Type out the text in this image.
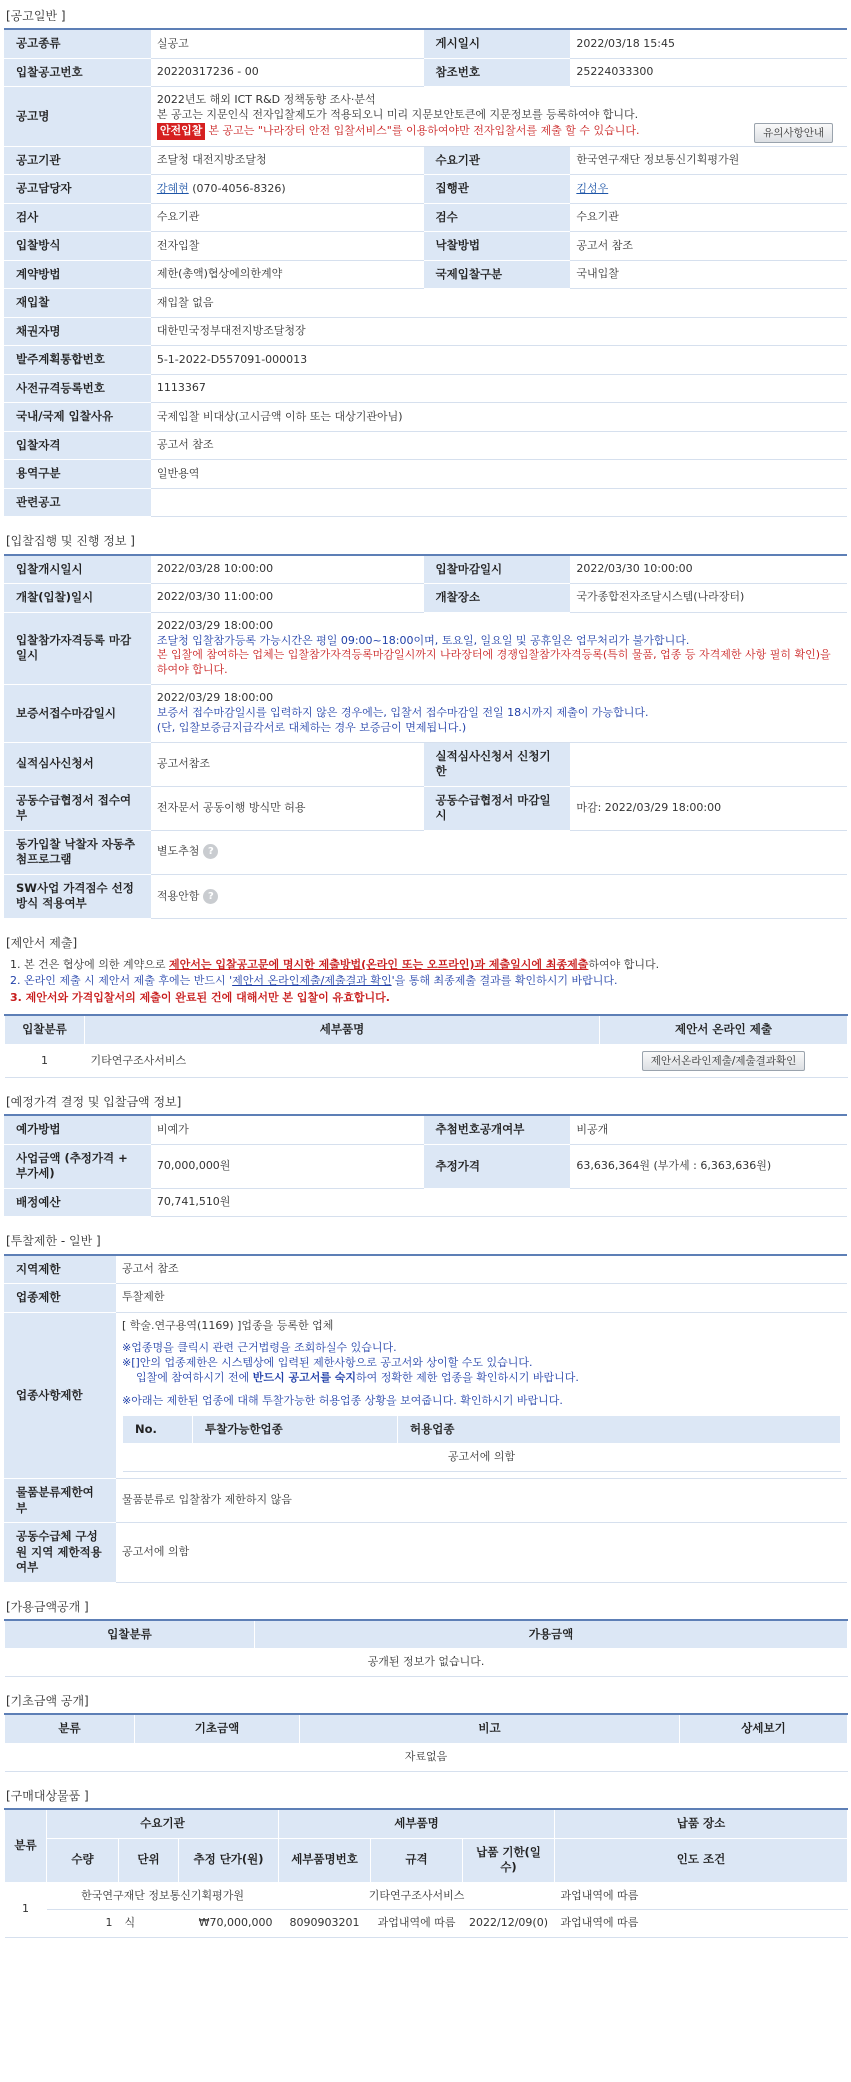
[공고일반 ]
공고종류	실공고	게시일시	2022/03/18 15:45
입찰공고번호	20220317236 - 00	참조번호	25224033300
공고명	2022년도 해외 ICT R&D 정책동향 조사·분석
본 공고는 지문인식 전자입찰제도가 적용되오니 미리 지문보안토큰에 지문정보를 등록하여야 합니다.
안전입찰 본 공고는 "나라장터 안전 입찰서비스"를 이용하여야만 전자입찰서를 제출 할 수 있습니다. 유의사항안내		

공고기관	조달청 대전지방조달청	수요기관	한국연구재단 정보통신기획평가원
공고담당자	강혜현 (070-4056-8326)	집행관	김성우
검사	수요기관	검수	수요기관
입찰방식	전자입찰	낙찰방법	공고서 참조
계약방법	제한(총액)협상에의한계약	국제입찰구분	국내입찰
재입찰	재입찰 없음		
채권자명	대한민국정부대전지방조달청장		
발주계획통합번호	5-1-2022-D557091-000013		
사전규격등록번호	1113367		
국내/국제 입찰사유	국제입찰 비대상(고시금액 이하 또는 대상기관아님)		
입찰자격	공고서 참조		
용역구분	일반용역		
관련공고			
[입찰집행 및 진행 정보 ]
입찰개시일시	2022/03/28 10:00:00	입찰마감일시	2022/03/30 10:00:00
개찰(입찰)일시	2022/03/30 11:00:00	개찰장소	국가종합전자조달시스템(나라장터)
입찰참가자격등록 마감일시	2022/03/29 18:00:00
조달청 입찰참가등록 가능시간은 평일 09:00~18:00이며, 토요일, 일요일 및 공휴일은 업무처리가 불가합니다.
본 입찰에 참여하는 업체는 입찰참가자격등록마감일시까지 나라장터에 경쟁입찰참가자격등록(특히 물품, 업종 등 자격제한 사항 필히 확인)을 하여야 합니다.		

보증서접수마감일시	2022/03/29 18:00:00
보증서 접수마감일시를 입력하지 않은 경우에는, 입찰서 접수마감일 전일 18시까지 제출이 가능합니다.
(단, 입찰보증금지급각서로 대체하는 경우 보증금이 면제됩니다.)		

실적심사신청서	공고서참조	실적심사신청서 신청기한	
공동수급협정서 접수여부	전자문서 공동이행 방식만 허용	공동수급협정서 마감일시	마감: 2022/03/29 18:00:00
동가입찰 낙찰자 자동추첨프로그램	별도추첨 ?		
SW사업 가격점수 선정방식 적용여부	적용안함 ?		
[제안서 제출]
1. 본 건은 협상에 의한 계약으로 제안서는 입찰공고문에 명시한 제출방법(온라인 또는 오프라인)과 제출일시에 최종제출하여야 합니다.
2. 온라인 제출 시 제안서 제출 후에는 반드시 '제안서 온라인제출/제출결과 확인'을 통해 최종제출 결과를 확인하시기 바랍니다.
3. 제안서와 가격입찰서의 제출이 완료된 건에 대해서만 본 입찰이 유효합니다.
입찰분류	세부품명	제안서 온라인 제출
1	기타연구조사서비스	제안서온라인제출/제출결과확인
[예정가격 결정 및 입찰금액 정보]
예가방법	비예가	추첨번호공개여부	비공개
사업금액 (추정가격 + 부가세)	70,000,000원	추정가격	63,636,364원 (부가세 : 6,363,636원)
배정예산	70,741,510원		
[투찰제한 - 일반 ]
지역제한	공고서 참조
업종제한	투찰제한
업종사항제한	
[ 학술.연구용역(1169) ]업종을 등록한 업체
※업종명을 클릭시 관련 근거법령을 조회하실수 있습니다.
※[]안의 업종제한은 시스템상에 입력된 제한사항으로 공고서와 상이할 수도 있습니다.
입찰에 참여하시기 전에 반드시 공고서를 숙지하여 정확한 제한 업종을 확인하시기 바랍니다.
※아래는 제한된 업종에 대해 투찰가능한 허용업종 상황을 보여줍니다. 확인하시기 바랍니다.
No.	투찰가능한업종	허용업종
공고서에 의함

물품분류제한여부	물품분류로 입찰참가 제한하지 않음
공동수급체 구성원 지역 제한적용여부	공고서에 의함
[가용금액공개 ]
입찰분류	가용금액
공개된 정보가 없습니다.
[기초금액 공개]
분류	기초금액	비고	상세보기
자료없음
[구매대상물품 ]
분류	수요기관			세부품명			납품 장소
	수량	단위	추정 단가(원)	세부품명번호	규격	납품 기한(일수)	인도 조건
1	한국연구재단 정보통신기획평가원			기타연구조사서비스			과업내역에 따름
	1	식	₩70,000,000	8090903201	과업내역에 따름	2022/12/09(0)	과업내역에 따름
